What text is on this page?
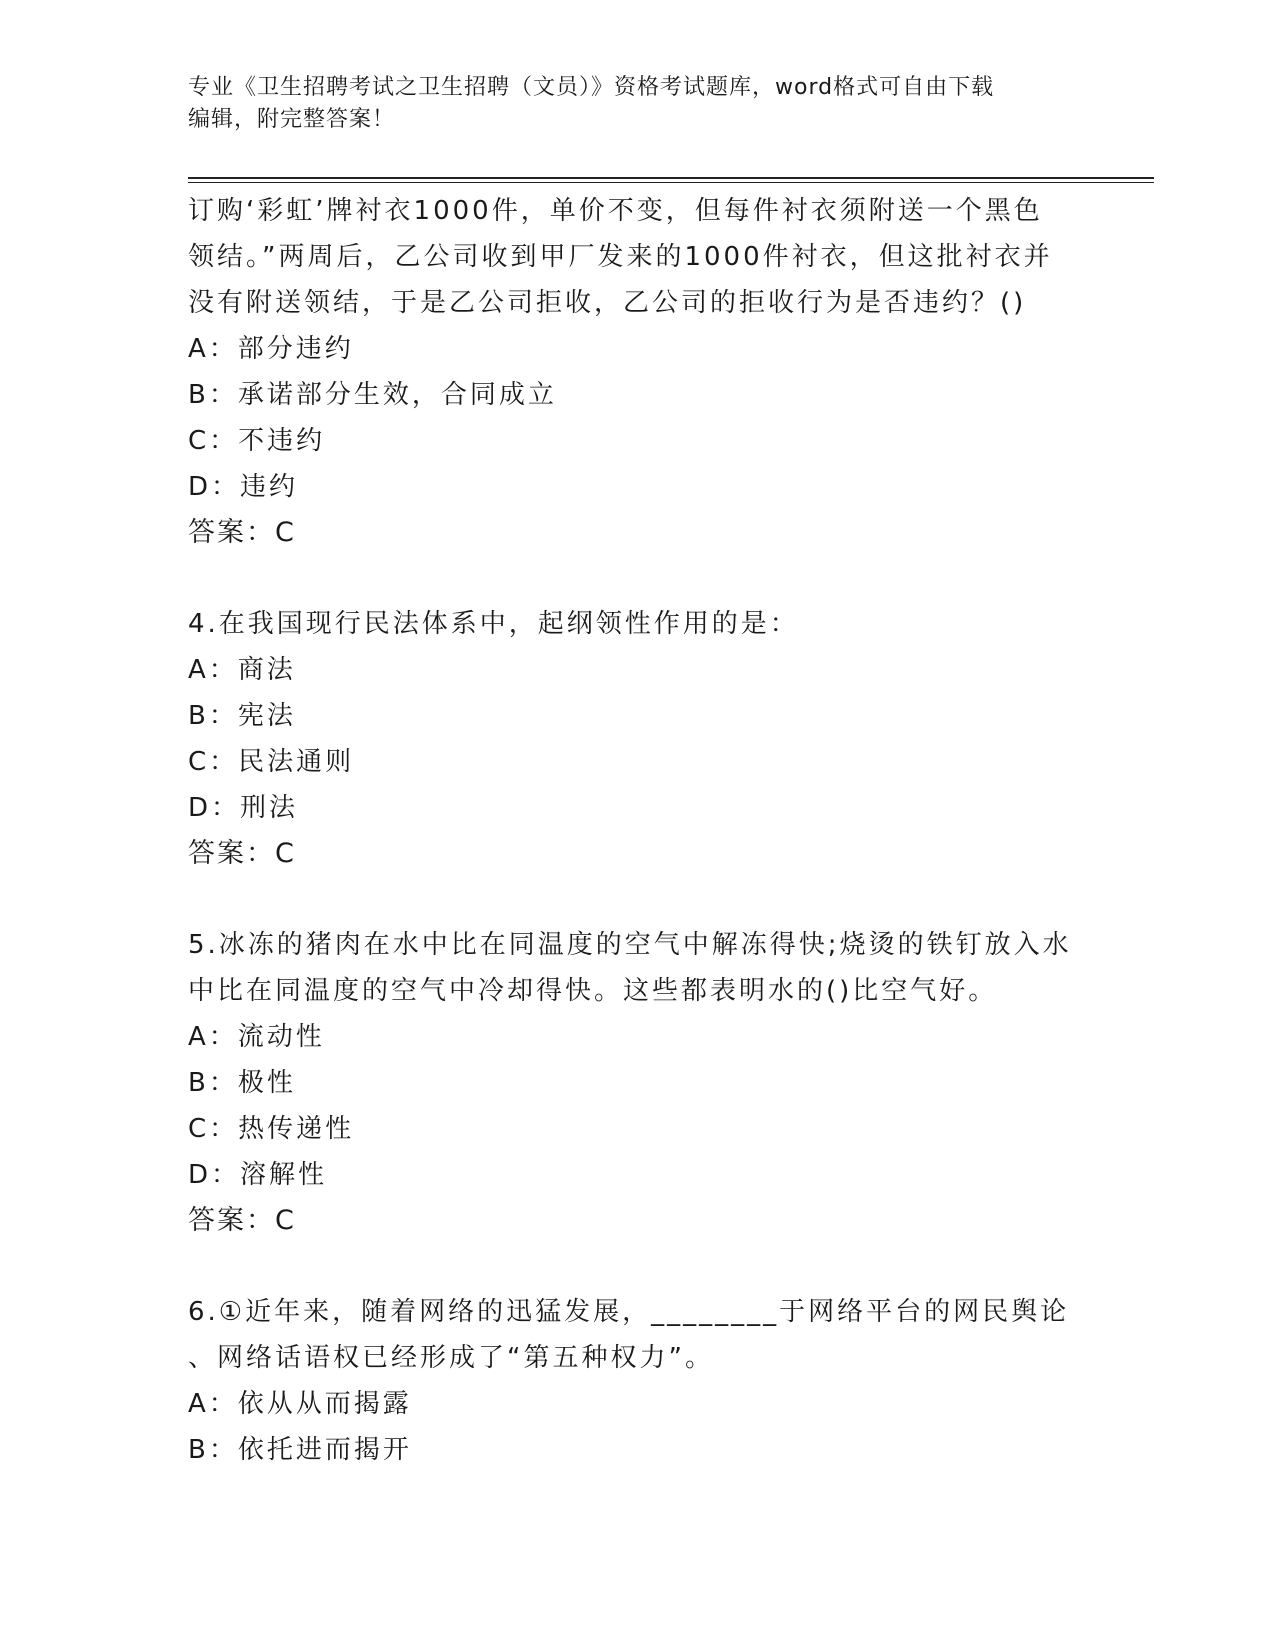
专业《卫生招聘考试之卫生招聘（文员）》资格考试题库，word格式可自由下载
编辑，附完整答案！
订购‘彩虹’牌衬衣1000件，单价不变，但每件衬衣须附送一个黑色
领结。”两周后，乙公司收到甲厂发来的1000件衬衣，但这批衬衣并
没有附送领结，于是乙公司拒收，乙公司的拒收行为是否违约？()
A：部分违约
B：承诺部分生效，合同成立
C：不违约
D：违约
答案：C
4.在我国现行民法体系中，起纲领性作用的是：
A：商法
B：宪法
C：民法通则
D：刑法
答案：C
5.冰冻的猪肉在水中比在同温度的空气中解冻得快;烧烫的铁钉放入水
中比在同温度的空气中冷却得快。这些都表明水的()比空气好。
A：流动性
B：极性
C：热传递性
D：溶解性
答案：C
6.①近年来，随着网络的迅猛发展，________于网络平台的网民舆论
、网络话语权已经形成了“第五种权力”。
A：依从从而揭露
B：依托进而揭开
